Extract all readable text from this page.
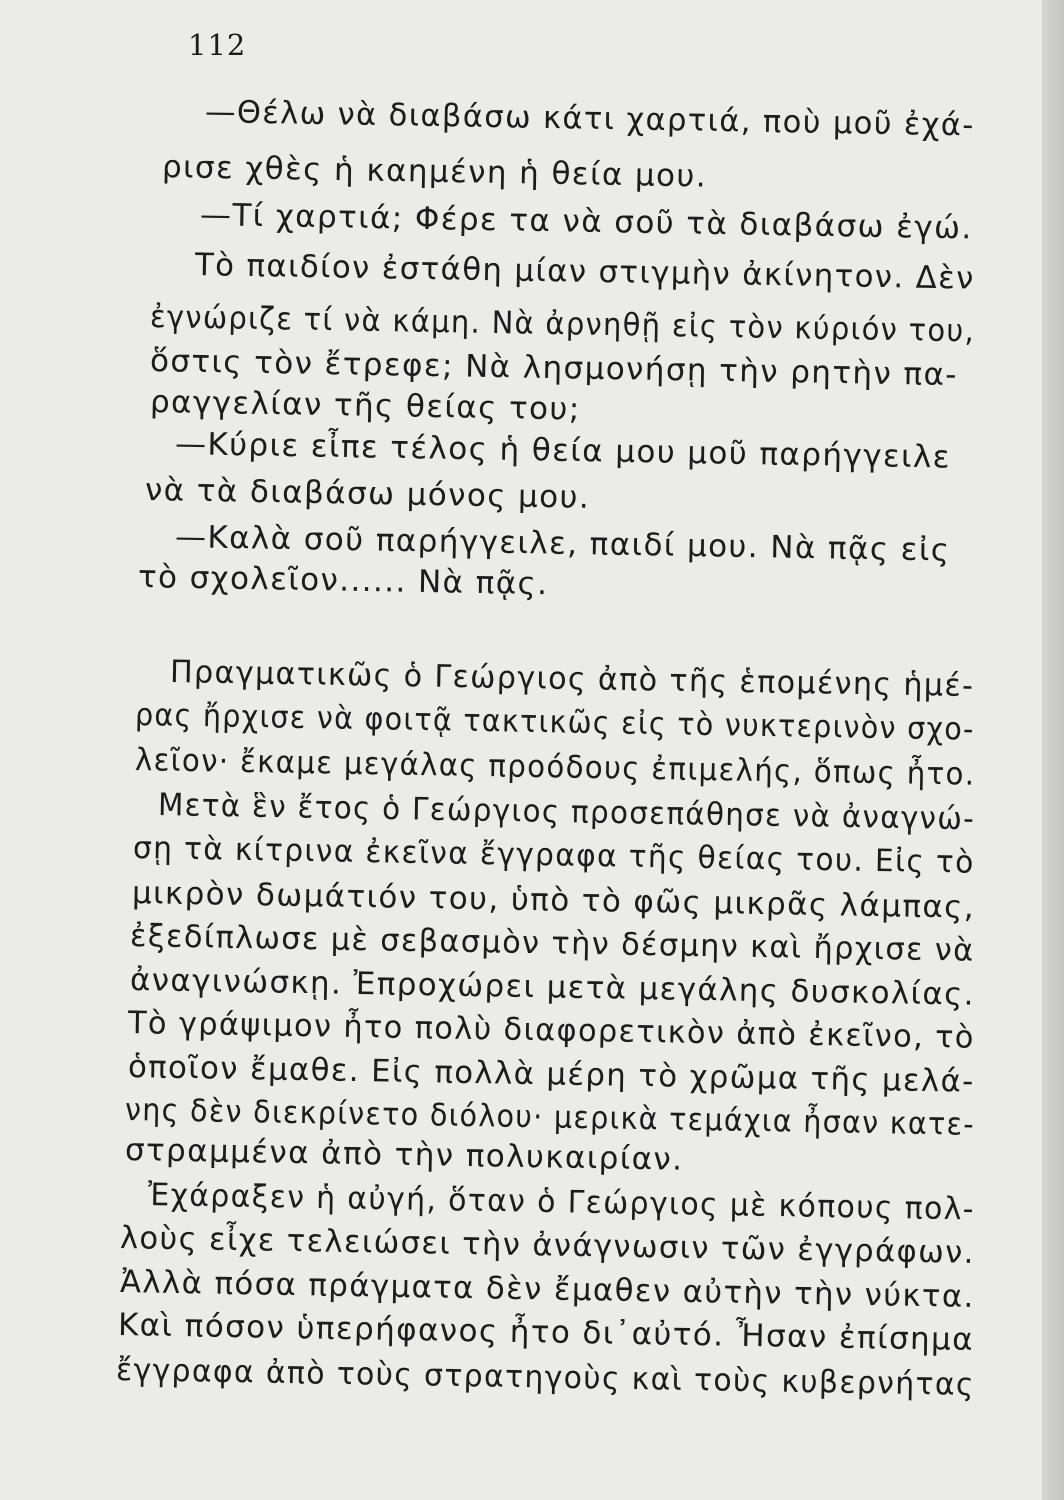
112
—Θέλω νὰ διαβάσω κάτι χαρτιά, ποὺ μοῦ ἐχά-
ρισε χθὲς ἡ καημένη ἡ θεία μου.
—Τί χαρτιά; Φέρε τα νὰ σοῦ τὰ διαβάσω ἐγώ.
Τὸ παιδίον ἐστάθη μίαν στιγμὴν ἀκίνητον. Δὲν
ἐγνώριζε τί νὰ κάμη. Νὰ ἀρνηθῇ εἰς τὸν κύριόν του,
ὅστις τὸν ἔτρεφε; Νὰ λησμονήσῃ τὴν ρητὴν πα-
ραγγελίαν τῆς θείας του;
—Κύριε εἶπε τέλος ἡ θεία μου μοῦ παρήγγειλε
νὰ τὰ διαβάσω μόνος μου.
—Καλὰ σοῦ παρήγγειλε, παιδί μου. Νὰ πᾷς εἰς
τὸ σχολεῖον...... Νὰ πᾷς.
Πραγματικῶς ὁ Γεώργιος ἀπὸ τῆς ἑπομένης ἡμέ-
ρας ἤρχισε νὰ φοιτᾷ τακτικῶς εἰς τὸ νυκτερινὸν σχο-
λεῖον· ἔκαμε μεγάλας προόδους ἐπιμελής, ὅπως ἦτο.
Μετὰ ἓν ἔτος ὁ Γεώργιος προσεπάθησε νὰ ἀναγνώ-
σῃ τὰ κίτρινα ἐκεῖνα ἔγγραφα τῆς θείας του. Εἰς τὸ
μικρὸν δωμάτιόν του, ὑπὸ τὸ φῶς μικρᾶς λάμπας,
ἐξεδίπλωσε μὲ σεβασμὸν τὴν δέσμην καὶ ἤρχισε νὰ
ἀναγινώσκῃ. Ἐπροχώρει μετὰ μεγάλης δυσκολίας.
Τὸ γράψιμον ἦτο πολὺ διαφορετικὸν ἀπὸ ἐκεῖνο, τὸ
ὁποῖον ἔμαθε. Εἰς πολλὰ μέρη τὸ χρῶμα τῆς μελά-
νης δὲν διεκρίνετο διόλου· μερικὰ τεμάχια ἦσαν κατε-
στραμμένα ἀπὸ τὴν πολυκαιρίαν.
Ἐχάραξεν ἡ αὐγή, ὅταν ὁ Γεώργιος μὲ κόπους πολ-
λοὺς εἶχε τελειώσει τὴν ἀνάγνωσιν τῶν ἐγγράφων.
Ἀλλὰ πόσα πράγματα δὲν ἔμαθεν αὐτὴν τὴν νύκτα.
Καὶ πόσον ὑπερήφανος ἦτο δι᾽αὐτό. Ἦσαν ἐπίσημα
ἔγγραφα ἀπὸ τοὺς στρατηγοὺς καὶ τοὺς κυβερνήτας
